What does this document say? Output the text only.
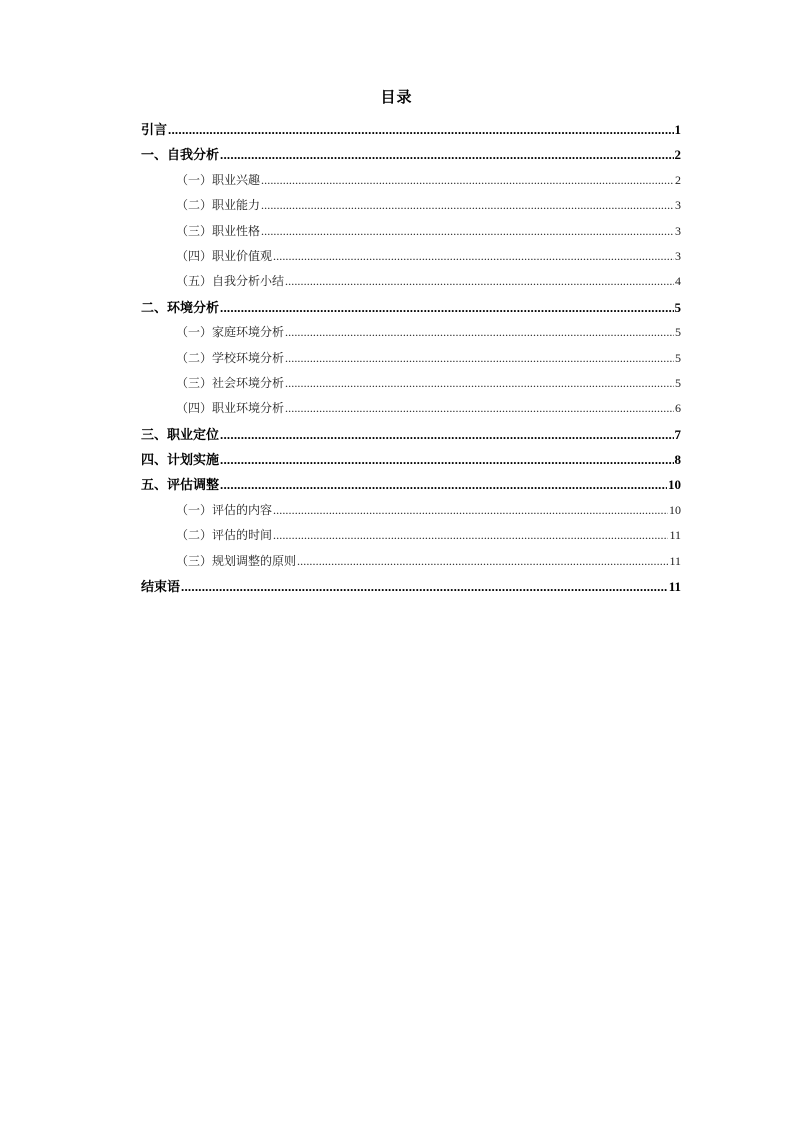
目录
引言 .....	1
一、自我分析 .....	2
（一）职业兴趣 .....	2
（二）职业能力 .....	3
（三）职业性格 .....	3
（四）职业价值观 .....	3
（五）自我分析小结 .....	4
二、环境分析 .....	5
（一）家庭环境分析 .....	5
（二）学校环境分析 .....	5
（三）社会环境分析 .....	5
（四）职业环境分析 .....	6
三、职业定位 .....	7
四、计划实施 .....	8
五、评估调整 .....	10
（一）评估的内容 .....	10
（二）评估的时间 .....	11
（三）规划调整的原则 .....	11
结束语 .....	11
